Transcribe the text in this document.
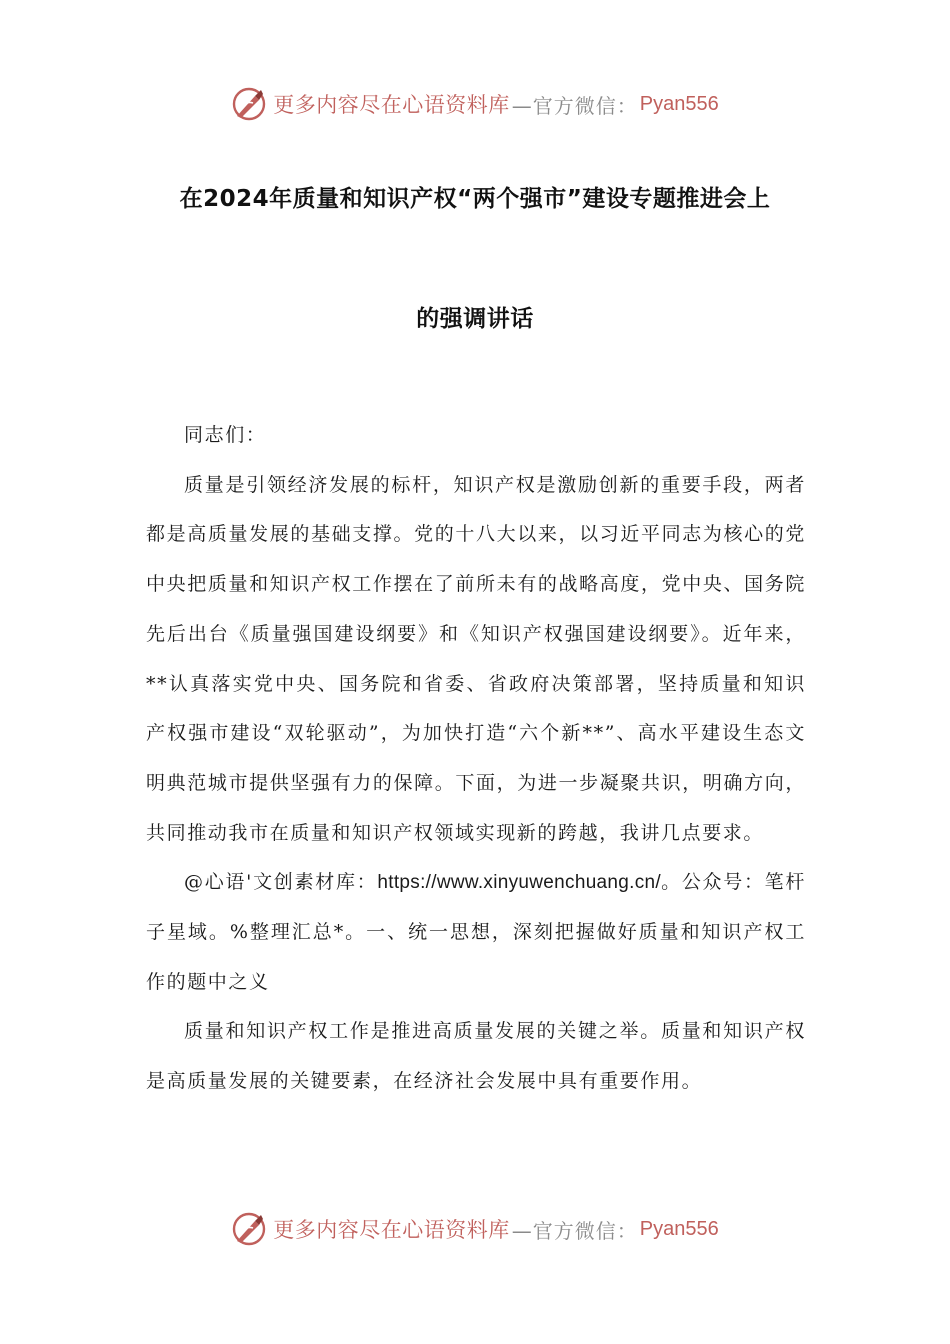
更多内容尽在心语资料库 —官方微信： Pyan556
在2024年质量和知识产权“两个强市”建设专题推进会上
的强调讲话

同志们：

质量是引领经济发展的标杆，知识产权是激励创新的重要手段，两者都是高质量发展的基础支撑。党的十八大以来，以习近平同志为核心的党中央把质量和知识产权工作摆在了前所未有的战略高度，党中央、国务院先后出台《质量强国建设纲要》和《知识产权强国建设纲要》。近年来，**认真落实党中央、国务院和省委、省政府决策部署，坚持质量和知识产权强市建设“双轮驱动”，为加快打造“六个新**”、高水平建设生态文明典范城市提供坚强有力的保障。下面，为进一步凝聚共识，明确方向，共同推动我市在质量和知识产权领域实现新的跨越，我讲几点要求。

@心语'文创素材库：https://www.xinyuwenchuang.cn/。公众号：笔杆子星域。%整理汇总*。一、统一思想，深刻把握做好质量和知识产权工作的题中之义

质量和知识产权工作是推进高质量发展的关键之举。质量和知识产权是高质量发展的关键要素，在经济社会发展中具有重要作用。

更多内容尽在心语资料库 —官方微信： Pyan556
